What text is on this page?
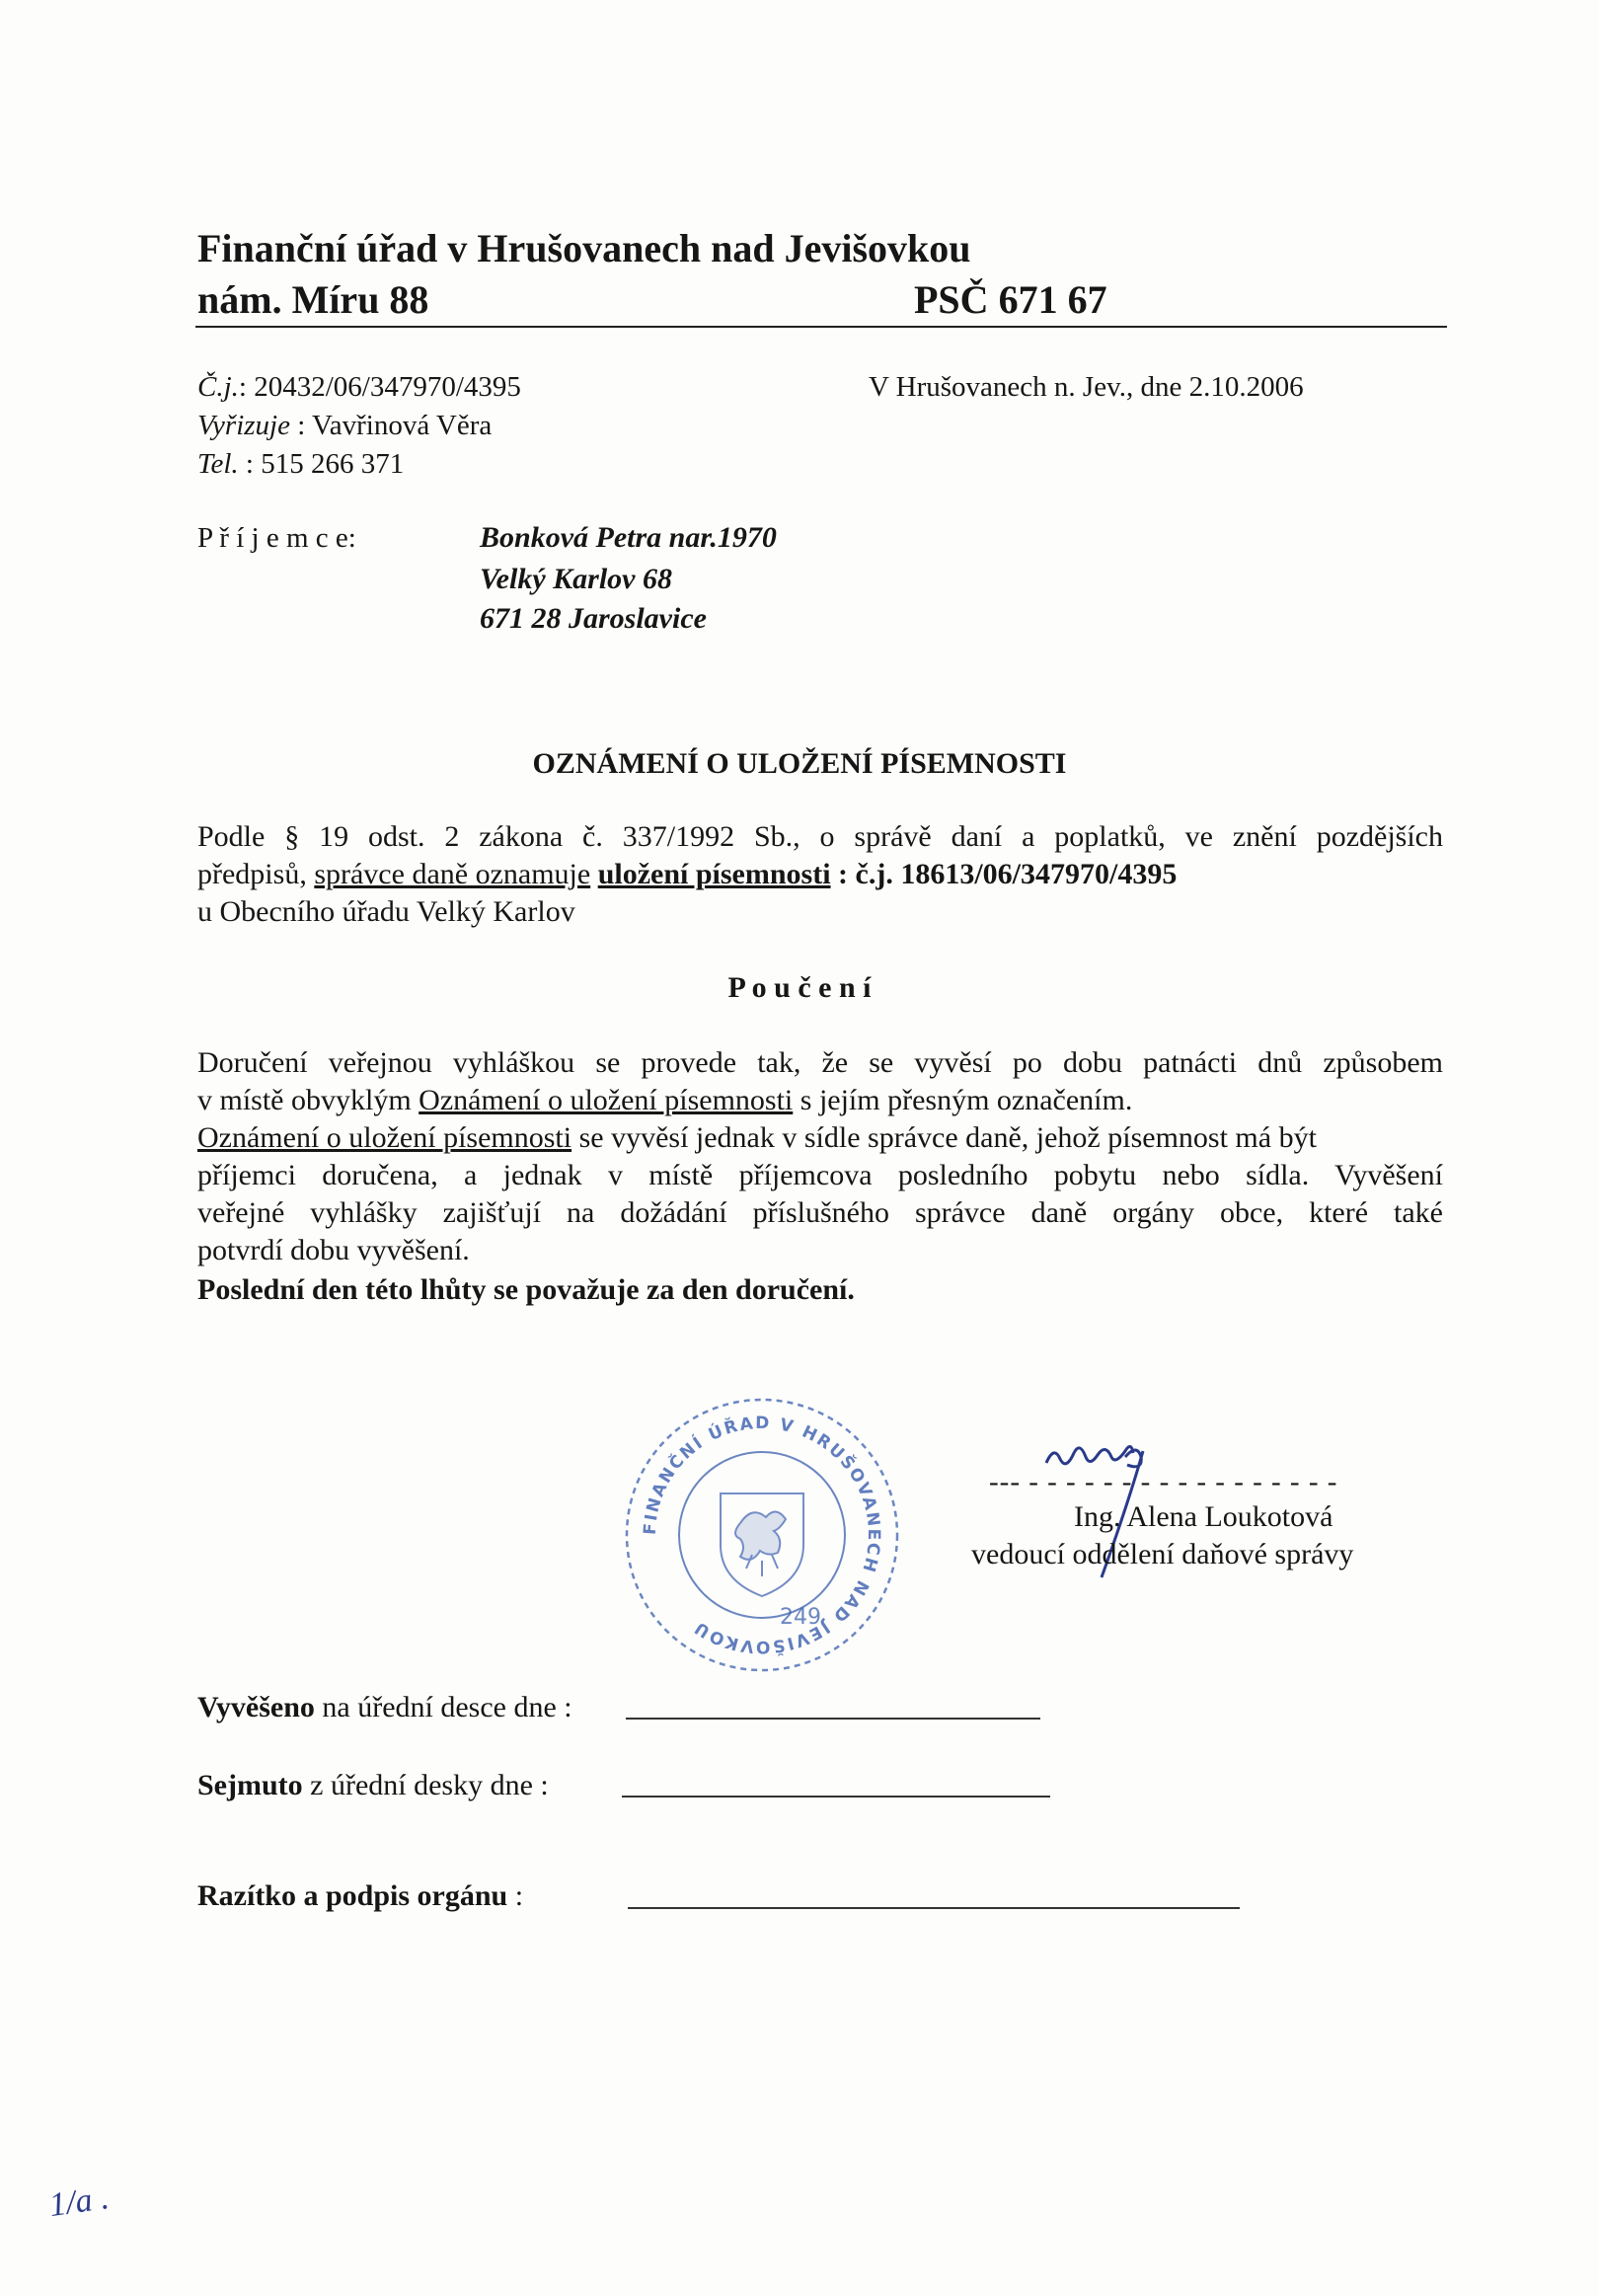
Finanční úřad v Hrušovanech nad Jevišovkou
nám. Míru 88	PSČ 671 67
Č.j.: 20432/06/347970/4395
Vyřizuje : Vavřinová Věra
Tel. : 515 266 371
V Hrušovanech n. Jev., dne 2.10.2006
P ř í j e m c e:	Bonková Petra nar.1970
Velký Karlov 68
671 28 Jaroslavice
OZNÁMENÍ O ULOŽENÍ PÍSEMNOSTI
Podle § 19 odst. 2 zákona č. 337/1992 Sb., o správě daní a poplatků, ve znění pozdějších
předpisů, správce daně oznamuje uložení písemnosti : č.j. 18613/06/347970/4395
u Obecního úřadu Velký Karlov
P o u č e n í
Doručení veřejnou vyhláškou se provede tak, že se vyvěsí po dobu patnácti dnů způsobem
v místě obvyklým Oznámení o uložení písemnosti s jejím přesným označením.
Oznámení o uložení písemnosti se vyvěsí jednak v sídle správce daně, jehož písemnost má být
příjemci doručena, a jednak v místě příjemcova posledního pobytu nebo sídla. Vyvěšení
veřejné vyhlášky zajišťují na dožádání příslušného správce daně orgány obce, které také
potvrdí dobu vyvěšení.
Poslední den této lhůty se považuje za den doručení.
FINANČNÍ ÚŘAD V HRUŠOVANECH NAD JEVIŠOVKOU	249
--- - - - - - - - - - - - - - - - - -
Ing. Alena Loukotová
vedoucí oddělení daňové správy
Vyvěšeno na úřední desce dne :
Sejmuto z úřední desky dne :
Razítko a podpis orgánu :
1/a .
